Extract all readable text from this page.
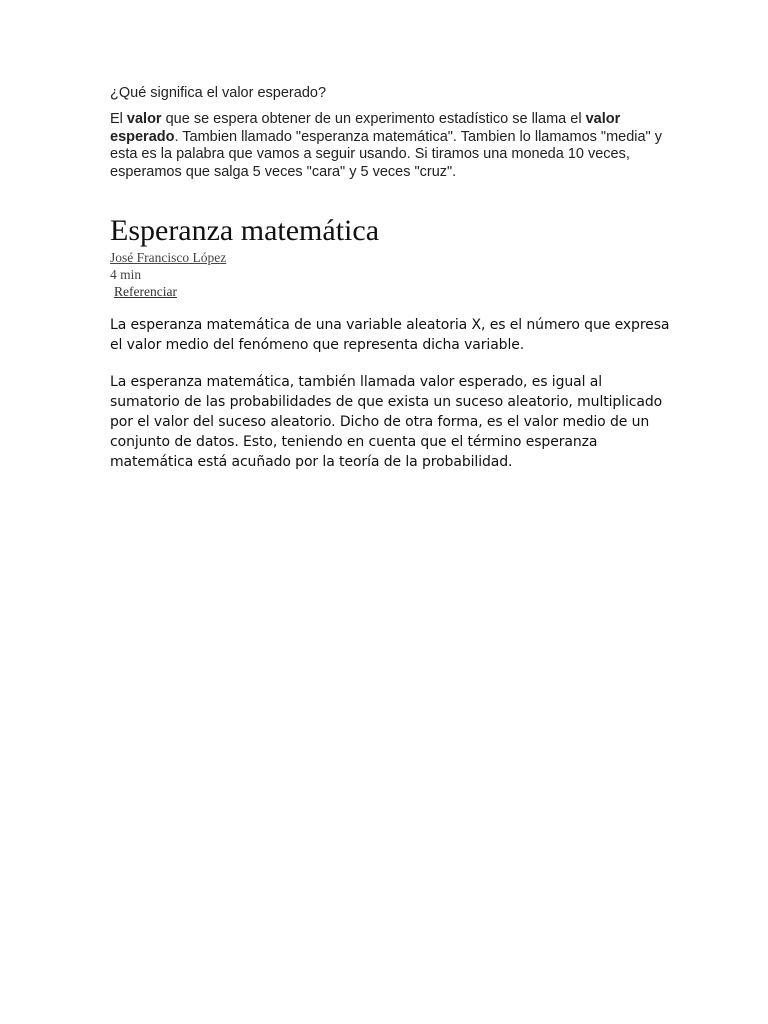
¿Qué significa el valor esperado?

El valor que se espera obtener de un experimento estadístico se llama el valor esperado. Tambien llamado "esperanza matemática". Tambien lo llamamos "media" y esta es la palabra que vamos a seguir usando. Si tiramos una moneda 10 veces, esperamos que salga 5 veces "cara" y 5 veces "cruz".

Esperanza matemática
José Francisco López
4 min
Referenciar

La esperanza matemática de una variable aleatoria X, es el número que expresa el valor medio del fenómeno que representa dicha variable.

La esperanza matemática, también llamada valor esperado, es igual al sumatorio de las probabilidades de que exista un suceso aleatorio, multiplicado por el valor del suceso aleatorio. Dicho de otra forma, es el valor medio de un conjunto de datos. Esto, teniendo en cuenta que el término esperanza matemática está acuñado por la teoría de la probabilidad.
